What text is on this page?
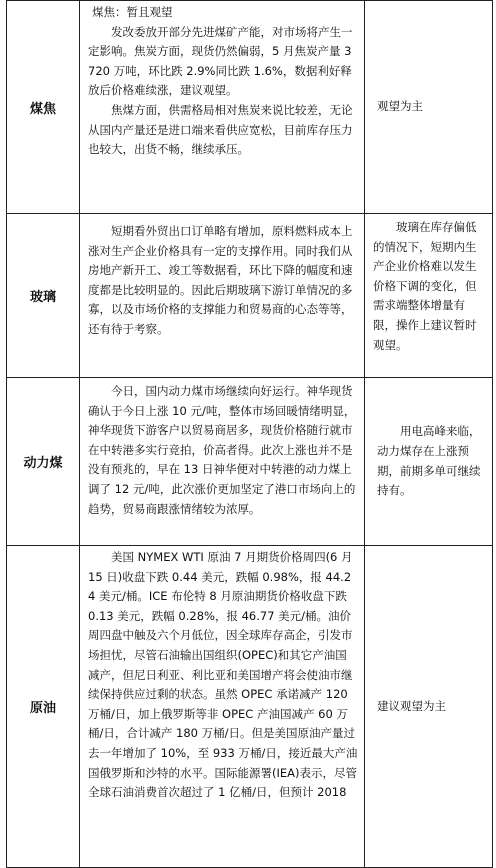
煤焦	煤焦：暂且观望

发改委放开部分先进煤矿产能，对市场将产生一定影响。焦炭方面，现货仍然偏弱，5 月焦炭产量 3720 万吨，环比跌 2.9%同比跌 1.6%，数据利好释放后价格难续涨，建议观望。

焦煤方面，供需格局相对焦炭来说比较差，无论从国内产量还是进口端来看供应宽松，目前库存压力也较大，出货不畅，继续承压。	观望为主

玻璃	短期看外贸出口订单略有增加，原料燃料成本上涨对生产企业价格具有一定的支撑作用。同时我们从房地产新开工、竣工等数据看，环比下降的幅度和速度都是比较明显的。因此后期玻璃下游订单情况的多寡，以及市场价格的支撑能力和贸易商的心态等等，还有待于考察。	玻璃在库存偏低的情况下，短期内生产企业价格难以发生价格下调的变化，但需求端整体增量有限，操作上建议暂时观望。

动力煤	今日，国内动力煤市场继续向好运行。神华现货确认于今日上涨 10 元/吨，整体市场回暖情绪明显，神华现货下游客户以贸易商居多，现货价格随行就市在中转港多实行竞拍，价高者得。此次上涨也并不是没有预兆的，早在 13 日神华便对中转港的动力煤上调了 12 元/吨，此次涨价更加坚定了港口市场向上的趋势，贸易商跟涨情绪较为浓厚。	用电高峰来临，动力煤存在上涨预期，前期多单可继续持有。

原油	美国 NYMEX WTI 原油 7 月期货价格周四(6 月 15 日)收盘下跌 0.44 美元，跌幅 0.98%，报 44.24 美元/桶。ICE 布伦特 8 月原油期货价格收盘下跌 0.13 美元，跌幅 0.28%，报 46.77 美元/桶。油价周四盘中触及六个月低位，因全球库存高企，引发市场担忧，尽管石油输出国组织(OPEC)和其它产油国减产，但尼日利亚、利比亚和美国增产将会使油市继续保持供应过剩的状态。虽然 OPEC 承诺减产 120 万桶/日，加上俄罗斯等非 OPEC 产油国减产 60 万桶/日，合计减产 180 万桶/日。但是美国原油产量过去一年增加了 10%，至 933 万桶/日，接近最大产油国俄罗斯和沙特的水平。国际能源署(IEA)表示，尽管全球石油消费首次超过了 1 亿桶/日，但预计 2018	建议观望为主
